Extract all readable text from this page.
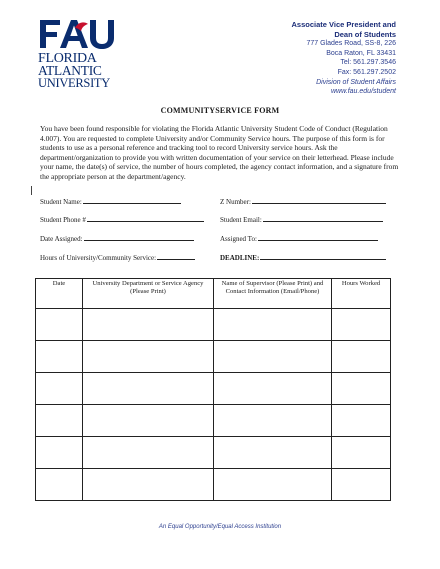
FLORIDA
ATLANTIC
UNIVERSITY
Associate Vice President and
Dean of Students
777 Glades Road, SS-8, 226
Boca Raton, FL 33431
Tel: 561.297.3546
Fax: 561.297.2502
Division of Student Affairs
www.fau.edu/student
COMMUNITYSERVICE FORM
You have been found responsible for violating the Florida Atlantic University Student Code of Conduct (Regulation 4.007). You are requested to complete University and/or Community Service hours. The purpose of this form is for students to use as a personal reference and tracking tool to record University service hours. Ask the department/organization to provide you with written documentation of your service on their letterhead. Please include your name, the date(s) of service, the number of hours completed, the agency contact information, and a signature from the appropriate person at the department/agency.
Student Name:	Z Number:
Student Phone #	Student Email:
Date Assigned:	Assigned To:
Hours of University/Community Service:	DEADLINE:
Date	University Department or Service Agency (Please Print)	Name of Supervisor (Please Print) and Contact Information (Email/Phone)	Hours Worked

An Equal Opportunity/Equal Access Institution
